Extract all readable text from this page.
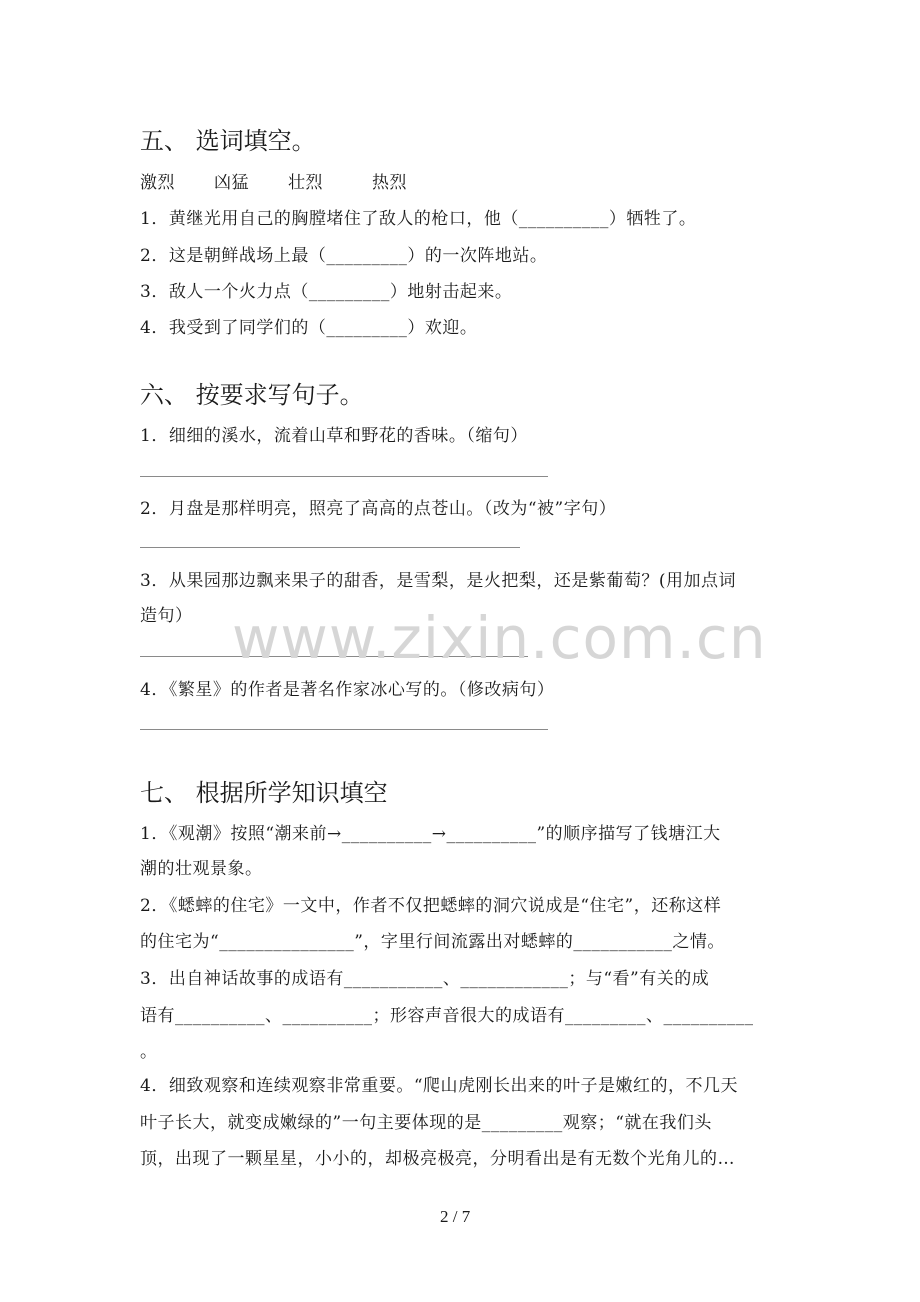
五、 选词填空。
激烈 凶猛 壮烈	热烈
1．黄继光用自己的胸膛堵住了敌人的枪口，他（__________）牺牲了。
2．这是朝鲜战场上最（_________）的一次阵地站。
3．敌人一个火力点（_________）地射击起来。
4．我受到了同学们的（_________）欢迎。
六、 按要求写句子。
1．细细的溪水，流着山草和野花的香味。（缩句）
2．月盘是那样明亮，照亮了高高的点苍山。（改为“被”字句）
3．从果园那边飘来果子的甜香，是雪梨，是火把梨，还是紫葡萄？(用加点词
造句）
4．《繁星》的作者是著名作家冰心写的。（修改病句）
www.zixin.com.cn
七、 根据所学知识填空
1．《观潮》按照“潮来前→__________→__________”的顺序描写了钱塘江大
潮的壮观景象。
2．《蟋蟀的住宅》一文中，作者不仅把蟋蟀的洞穴说成是“住宅”，还称这样
的住宅为“_______________”，字里行间流露出对蟋蟀的___________之情。
3．出自神话故事的成语有___________、____________；与“看”有关的成
语有__________、__________；形容声音很大的成语有_________、__________
。
4．细致观察和连续观察非常重要。“爬山虎刚长出来的叶子是嫩红的，不几天
叶子长大，就变成嫩绿的”一句主要体现的是_________观察；“就在我们头
顶，出现了一颗星星，小小的，却极亮极亮，分明看出是有无数个光角儿的…
2 / 7
